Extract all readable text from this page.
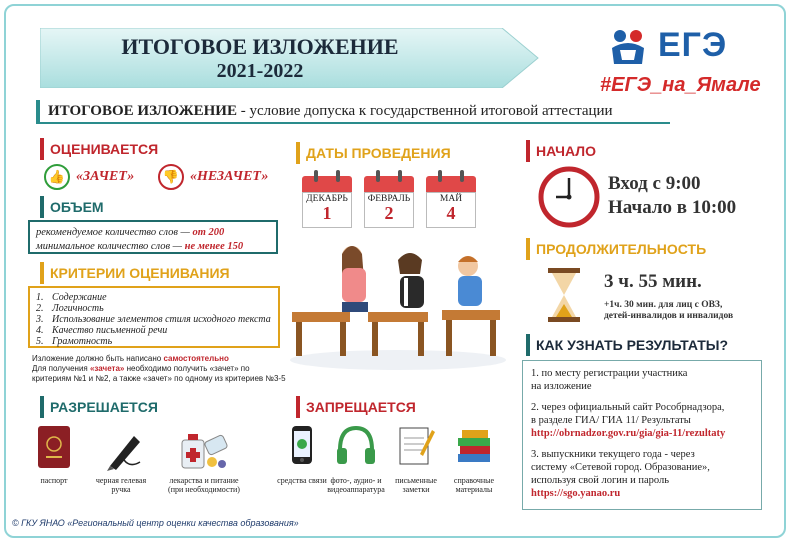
ИТОГОВОЕ ИЗЛОЖЕНИЕ
2021-2022
ЕГЭ
#ЕГЭ_на_Ямале
ИТОГОВОЕ ИЗЛОЖЕНИЕ - условие допуска к государственной итоговой аттестации
ОЦЕНИВАЕТСЯ
👍 «ЗАЧЕТ»	👎 «НЕЗАЧЕТ»
ОБЪЕМ
рекомендуемое количество слов — от 200
минимальное количество слов — не менее 150
КРИТЕРИИ ОЦЕНИВАНИЯ
1. Содержание
2. Логичность
3. Использование элементов стиля исходного текста
4. Качество письменной речи
5. Грамотность
Изложение должно быть написано самостоятельно
Для получения «зачета» необходимо получить «зачет» по
критериям №1 и №2, а также «зачет» по одному из критериев №3-5
РАЗРЕШАЕТСЯ
паспорт	черная гелевая ручка
лекарства и питание (при необходимости)
ДАТЫ ПРОВЕДЕНИЯ
ДЕКАБРЬ
1
ФЕВРАЛЬ
2
МАЙ
4
ЗАПРЕЩАЕТСЯ
средства связи фото-, аудио- и видеоаппаратура
письменные заметки
справочные материалы
НАЧАЛО
Вход с 9:00
Начало в 10:00
ПРОДОЛЖИТЕЛЬНОСТЬ
3 ч. 55 мин.
+1ч. 30 мин. для лиц с ОВЗ,
детей-инвалидов и инвалидов
КАК УЗНАТЬ РЕЗУЛЬТАТЫ?

1. по месту регистрации участника
на изложение

2. через официальный сайт Рособрнадзора,
в разделе ГИА/ ГИА 11/ Результаты
http://obrnadzor.gov.ru/gia/gia-11/rezultaty

3. выпускники текущего года - через
систему «Сетевой город. Образование»,
используя свой логин и пароль
https://sgo.yanao.ru

© ГКУ ЯНАО «Региональный центр оценки качества образования»
